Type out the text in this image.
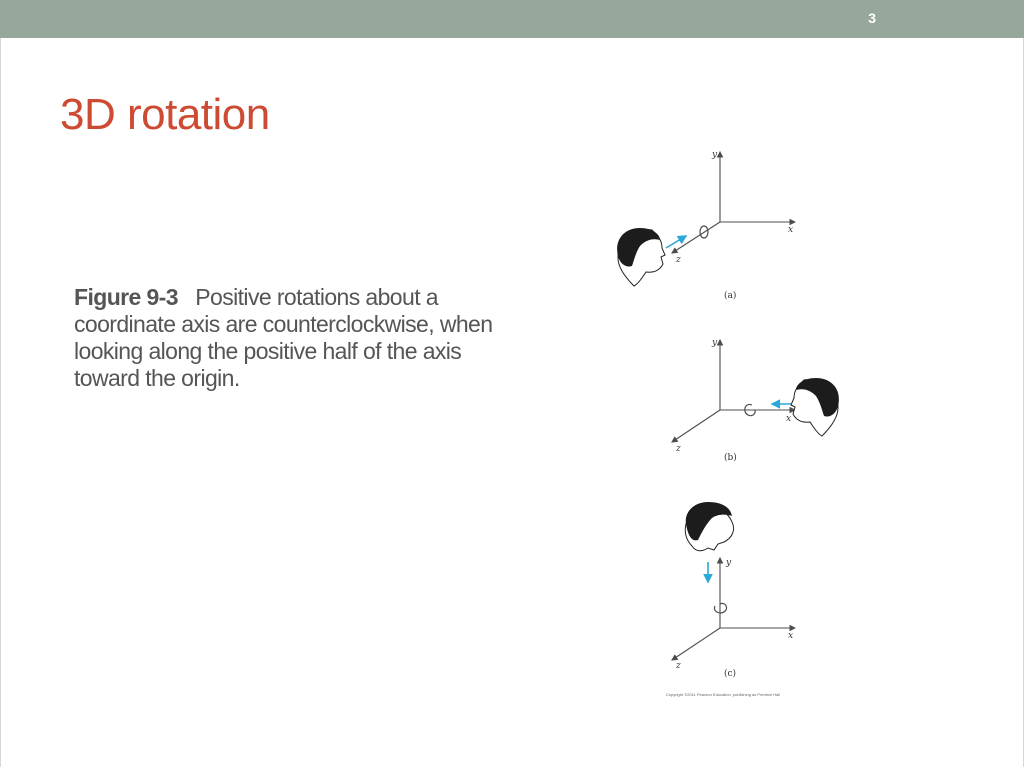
3
3D rotation
Figure 9-3 Positive rotations about a coordinate axis are counterclockwise, when looking along the positive half of the axis toward the origin.
y
x
z
(a)
y
x
z
(b)
y
x
z
(c)
Copyright ©2011 Pearson Education, publishing as Prentice Hall
